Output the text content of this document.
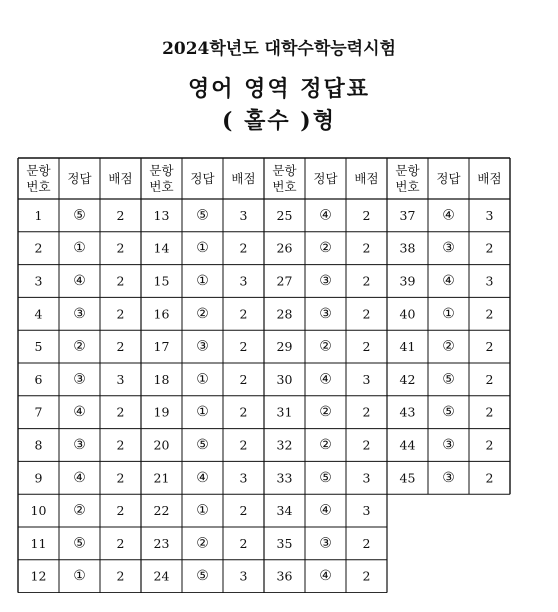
2024학년도 대학수학능력시험
영어 영역 정답표
( 홀수 )형
문항
번호
정답 배점
1 ⑤ 2
2 ① 2
3 ④ 2
4 ③ 2
5 ② 2
6 ③ 3
7 ④ 2
8 ③ 2
9 ④ 2
10 ② 2
11 ⑤ 2
12 ① 2
문항
번호
정답 배점
13 ⑤ 3
14 ① 2
15 ① 3
16 ② 2
17 ③ 2
18 ① 2
19 ① 2
20 ⑤ 2
21 ④ 3
22 ① 2
23 ② 2
24 ⑤ 3
문항
번호
정답 배점
25 ④ 2
26 ② 2
27 ③ 2
28 ③ 2
29 ② 2
30 ④ 3
31 ② 2
32 ② 2
33 ⑤ 3
34 ④ 3
35 ③ 2
36 ④ 2
문항
번호
정답 배점
37 ④ 3
38 ③ 2
39 ④ 3
40 ① 2
41 ② 2
42 ⑤ 2
43 ⑤ 2
44 ③ 2
45 ③ 2
